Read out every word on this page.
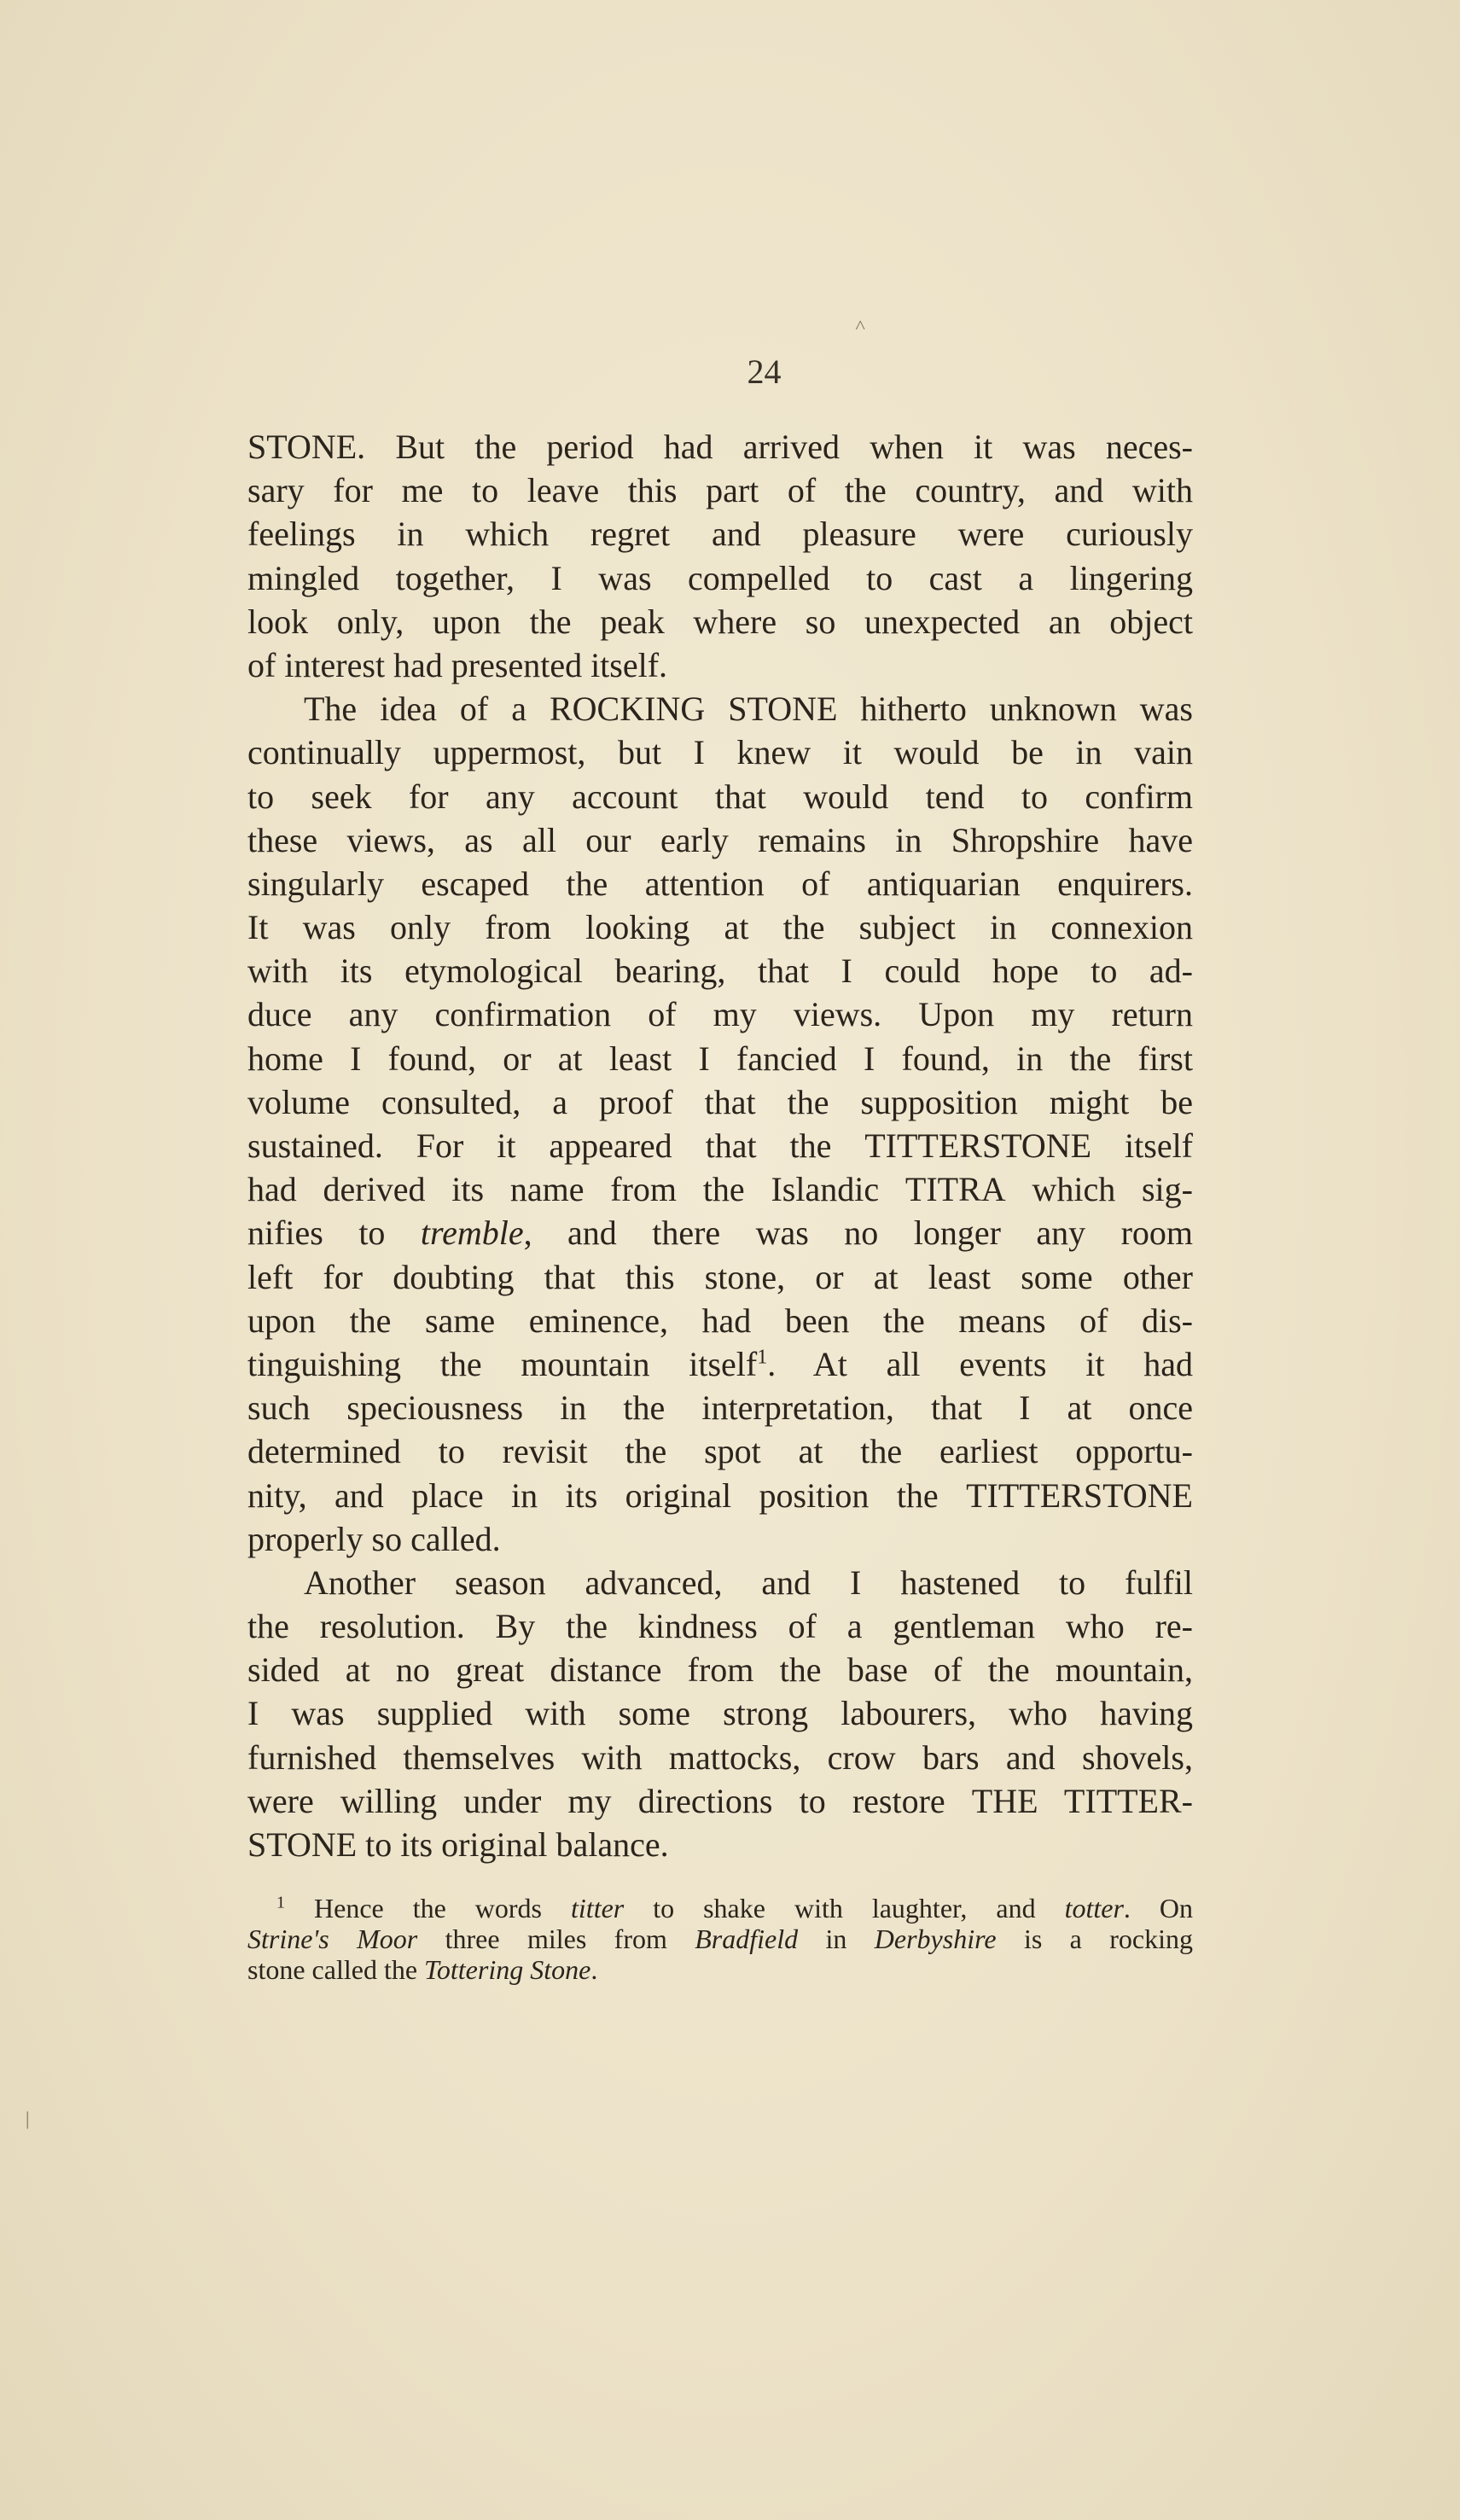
24
STONE. But the period had arrived when it was neces-
sary for me to leave this part of the country, and with
feelings in which regret and pleasure were curiously
mingled together, I was compelled to cast a lingering
look only, upon the peak where so unexpected an object
of interest had presented itself.
The idea of a ROCKING STONE hitherto unknown was
continually uppermost, but I knew it would be in vain
to seek for any account that would tend to confirm
these views, as all our early remains in Shropshire have
singularly escaped the attention of antiquarian enquirers.
It was only from looking at the subject in connexion
with its etymological bearing, that I could hope to ad-
duce any confirmation of my views. Upon my return
home I found, or at least I fancied I found, in the first
volume consulted, a proof that the supposition might be
sustained. For it appeared that the TITTERSTONE itself
had derived its name from the Islandic TITRA which sig-
nifies to tremble, and there was no longer any room
left for doubting that this stone, or at least some other
upon the same eminence, had been the means of dis-
tinguishing the mountain itself$^1$. At all events it had
such speciousness in the interpretation, that I at once
determined to revisit the spot at the earliest opportu-
nity, and place in its original position the TITTERSTONE
properly so called.
Another season advanced, and I hastened to fulfil
the resolution. By the kindness of a gentleman who re-
sided at no great distance from the base of the mountain,
I was supplied with some strong labourers, who having
furnished themselves with mattocks, crow bars and shovels,
were willing under my directions to restore THE TITTER-
STONE to its original balance.
$^1$ Hence the words titter to shake with laughter, and totter. On
Strine's Moor three miles from Bradfield in Derbyshire is a rocking
stone called the Tottering Stone.
˄
|
